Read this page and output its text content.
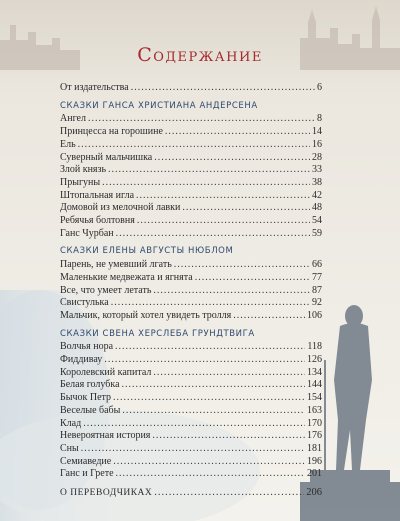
Содержание
От издательства .....	6
СКАЗКИ ГАНСА ХРИСТИАНА АНДЕРСЕНА
Ангел .....	8
Принцесса на горошине .....	14
Ель .....	16
Суверный мальчишка .....	28
Злой князь .....	33
Прыгуны .....	38
Штопальная игла .....	42
Домовой из мелочной лавки .....	48
Ребячья болтовня .....	54
Ганс Чурбан .....	59
СКАЗКИ ЕЛЕНЫ АВГУСТЫ НЮБЛОМ
Парень, не умевший лгать .....	66
Маленькие медвежата и ягнята .....	77
Все, что умеет летать .....	87
Свистулька .....	92
Мальчик, который хотел увидеть тролля .....	106
СКАЗКИ СВЕНА ХЕРСЛЕБА ГРУНДТВИГА
Волчья нора .....	118
Фиддивау .....	126
Королевский капитал .....	134
Белая голубка .....	144
Бычок Петр .....	154
Веселые бабы .....	163
Клад .....	170
Невероятная история .....	176
Сны .....	181
Семиаведие .....	196
Ганс и Грете .....	201
О ПЕРЕВОДЧИКАХ .....	206
